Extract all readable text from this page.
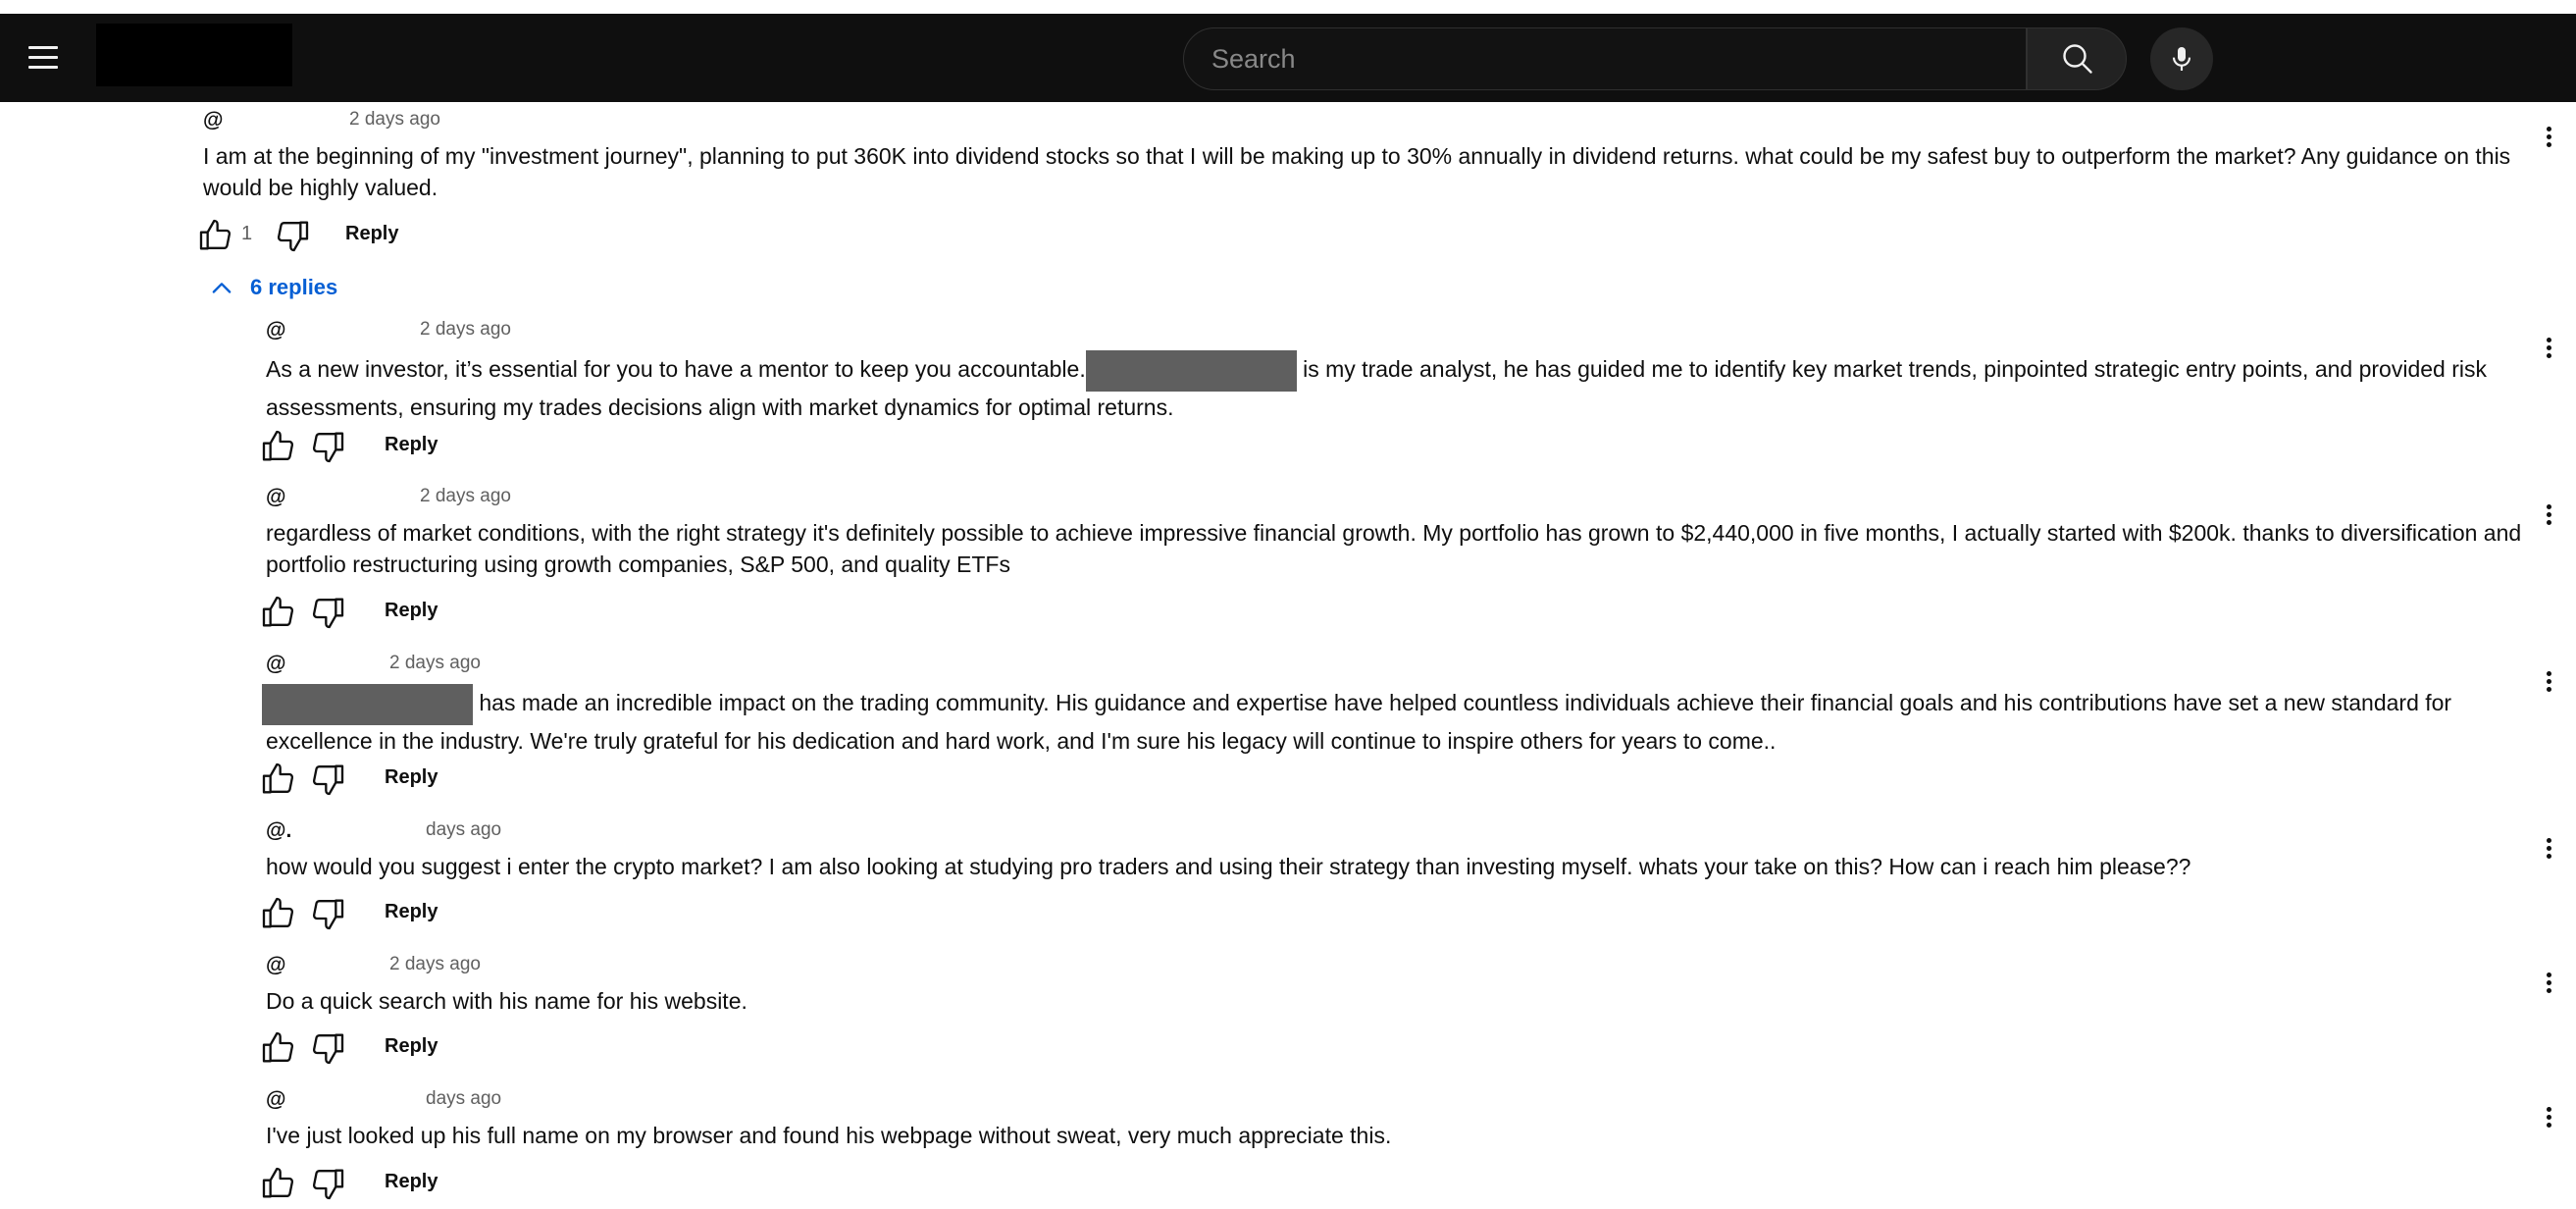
Search
@	2 days ago
I am at the beginning of my "investment journey", planning to put 360K into dividend stocks so that I will be making up to 30% annually in dividend returns. what could be my safest buy to outperform the market? Any guidance on this would be highly valued.
1	Reply
6 replies
@	2 days ago
As a new investor, it’s essential for you to have a mentor to keep you accountable.	is my trade analyst, he has guided me to identify key market trends, pinpointed strategic entry points, and provided risk assessments, ensuring my trades decisions align with market dynamics for optimal returns.
Reply
@	2 days ago
regardless of market conditions, with the right strategy it's definitely possible to achieve impressive financial growth. My portfolio has grown to $2,440,000 in five months, I actually started with $200k. thanks to diversification and portfolio restructuring using growth companies, S&P 500, and quality ETFs
Reply
@	2 days ago
has made an incredible impact on the trading community. His guidance and expertise have helped countless individuals achieve their financial goals and his contributions have set a new standard for excellence in the industry. We're truly grateful for his dedication and hard work, and I'm sure his legacy will continue to inspire others for years to come..
Reply
@.	days ago
how would you suggest i enter the crypto market? I am also looking at studying pro traders and using their strategy than investing myself. whats your take on this? How can i reach him please??
Reply
@	2 days ago
Do a quick search with his name for his website.
Reply
@	days ago
I've just looked up his full name on my browser and found his webpage without sweat, very much appreciate this.
Reply
